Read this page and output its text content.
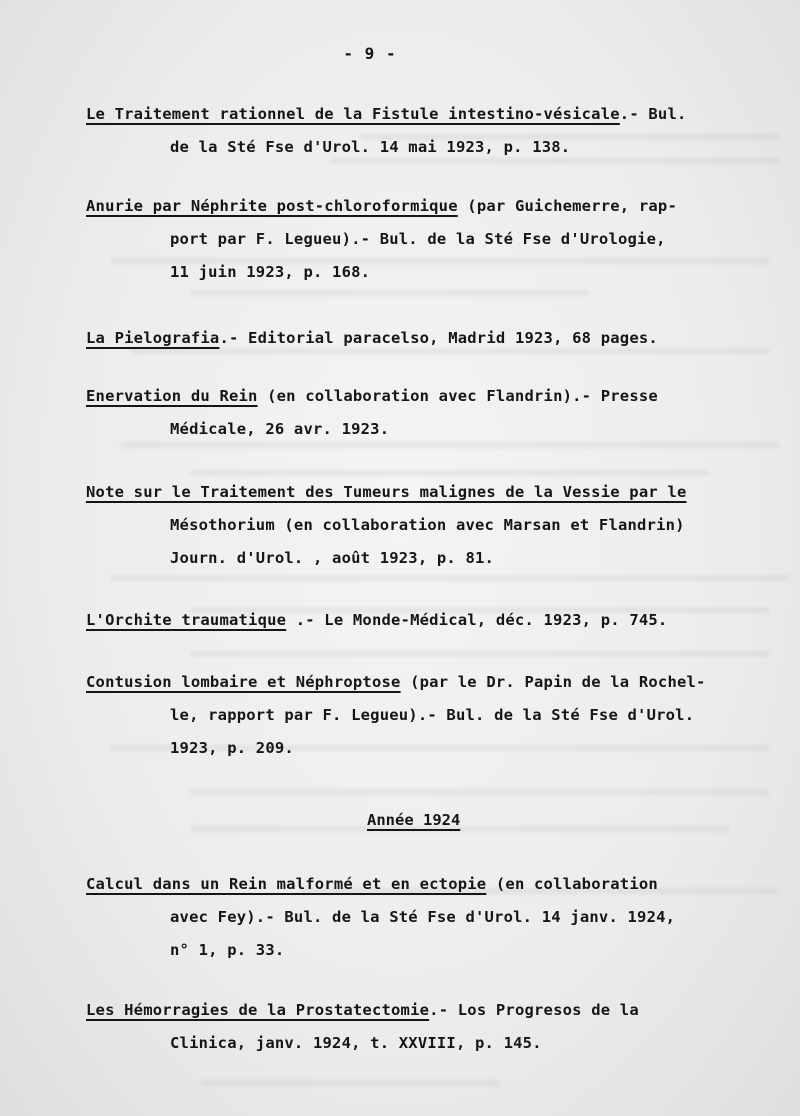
- 9 -
Le Traitement rationnel de la Fistule intestino-vésicale.- Bul.
de la Sté Fse d'Urol. 14 mai 1923, p. 138.
Anurie par Néphrite post-chloroformique (par Guichemerre, rap-
port par F. Legueu).- Bul. de la Sté Fse d'Urologie,
11 juin 1923, p. 168.
La Pielografia.- Editorial paracelso, Madrid 1923, 68 pages.
Enervation du Rein (en collaboration avec Flandrin).- Presse
Médicale, 26 avr. 1923.
Note sur le Traitement des Tumeurs malignes de la Vessie par le
Mésothorium (en collaboration avec Marsan et Flandrin)
Journ. d'Urol. , août 1923, p. 81.
L'Orchite traumatique .- Le Monde-Médical, déc. 1923, p. 745.
Contusion lombaire et Néphroptose (par le Dr. Papin de la Rochel-
le, rapport par F. Legueu).- Bul. de la Sté Fse d'Urol.
1923, p. 209.
Année 1924
Calcul dans un Rein malformé et en ectopie (en collaboration
avec Fey).- Bul. de la Sté Fse d'Urol. 14 janv. 1924,
n° 1, p. 33.
Les Hémorragies de la Prostatectomie.- Los Progresos de la
Clinica, janv. 1924, t. XXVIII, p. 145.
